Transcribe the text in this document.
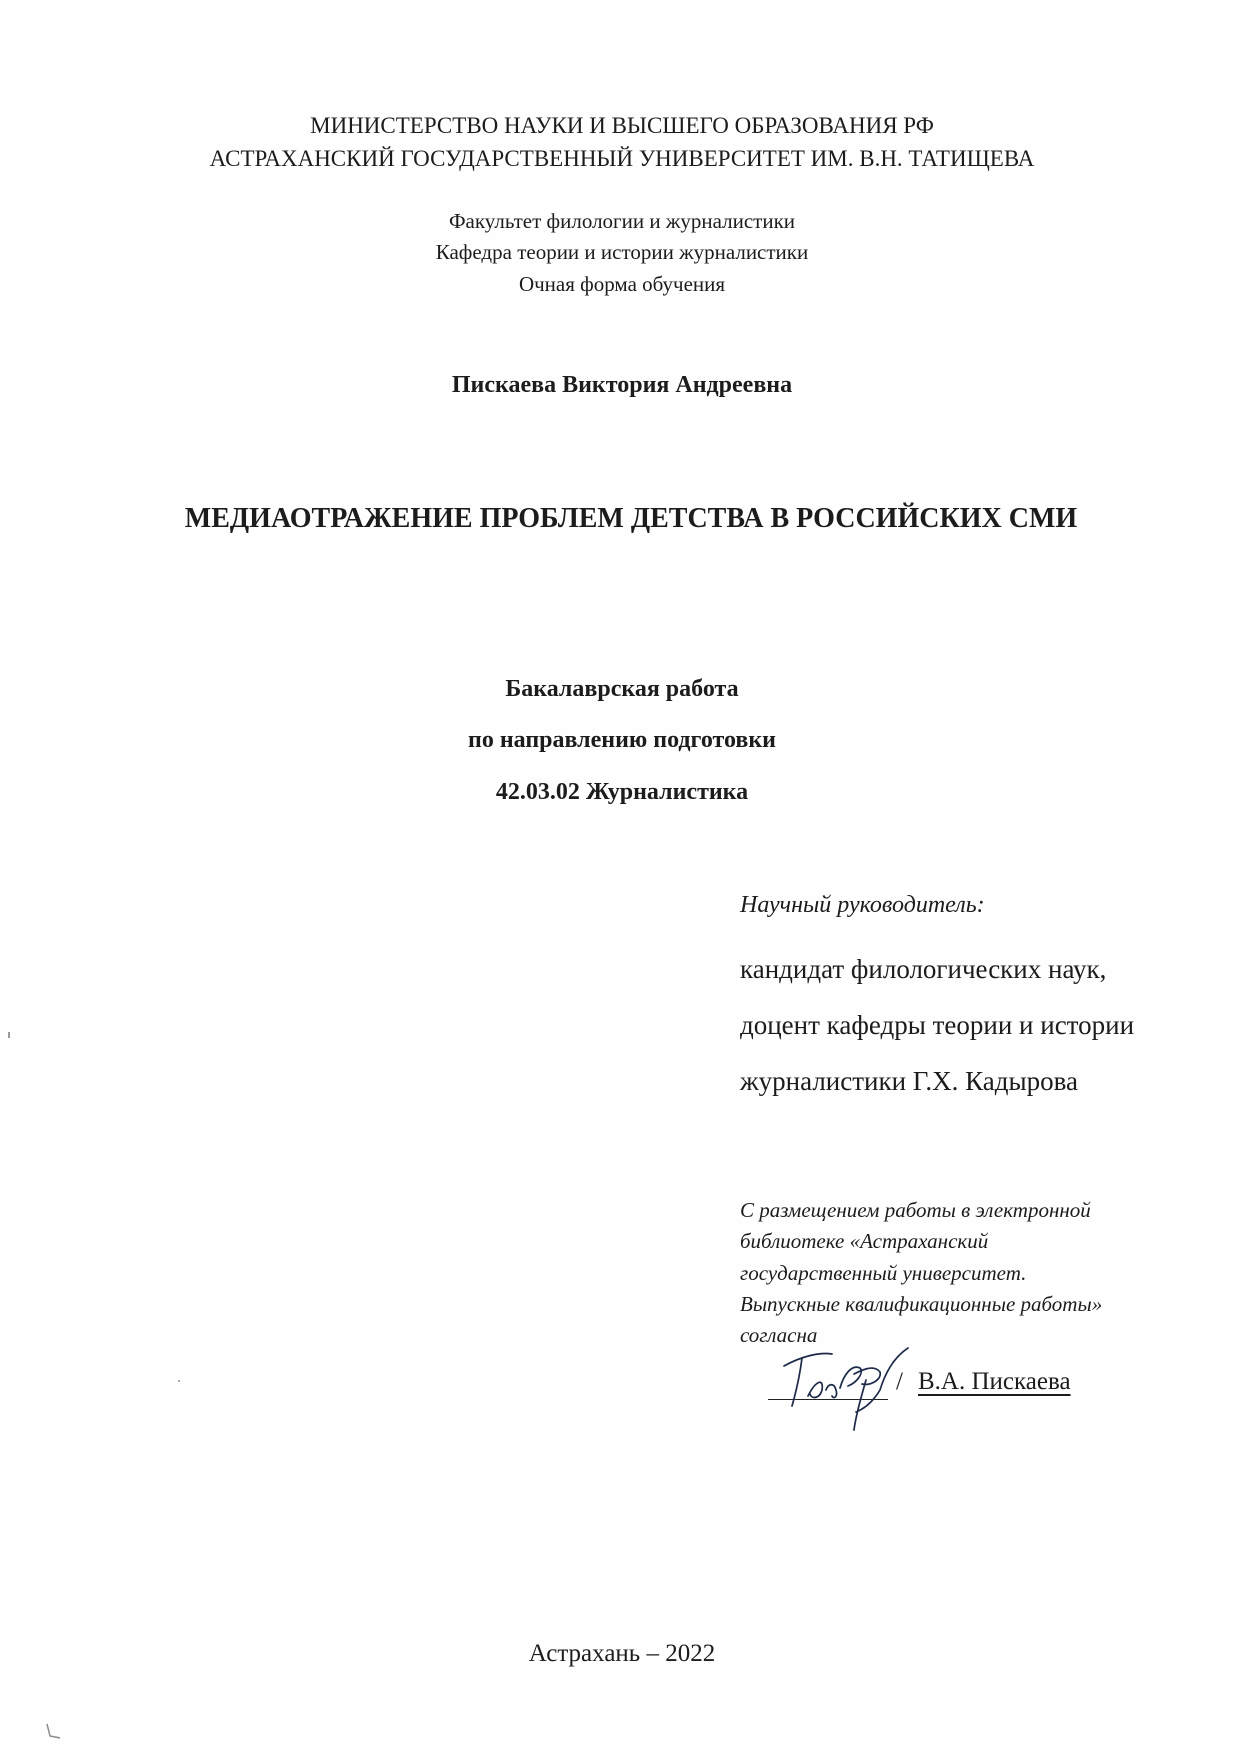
МИНИСТЕРСТВО НАУКИ И ВЫСШЕГО ОБРАЗОВАНИЯ РФ
АСТРАХАНСКИЙ ГОСУДАРСТВЕННЫЙ УНИВЕРСИТЕТ ИМ. В.Н. ТАТИЩЕВА
Факультет филологии и журналистики
Кафедра теории и истории журналистики
Очная форма обучения
Пискаева Виктория Андреевна
МЕДИАОТРАЖЕНИЕ ПРОБЛЕМ ДЕТСТВА В РОССИЙСКИХ СМИ
Бакалаврская работа
по направлению подготовки
42.03.02 Журналистика
Научный руководитель:
кандидат филологических наук,
доцент кафедры теории и истории
журналистики Г.Х. Кадырова
С размещением работы в электронной
библиотеке «Астраханский
государственный университет.
Выпускные квалификационные работы»
согласна
/ В.А. Пискаева
Астрахань – 2022
